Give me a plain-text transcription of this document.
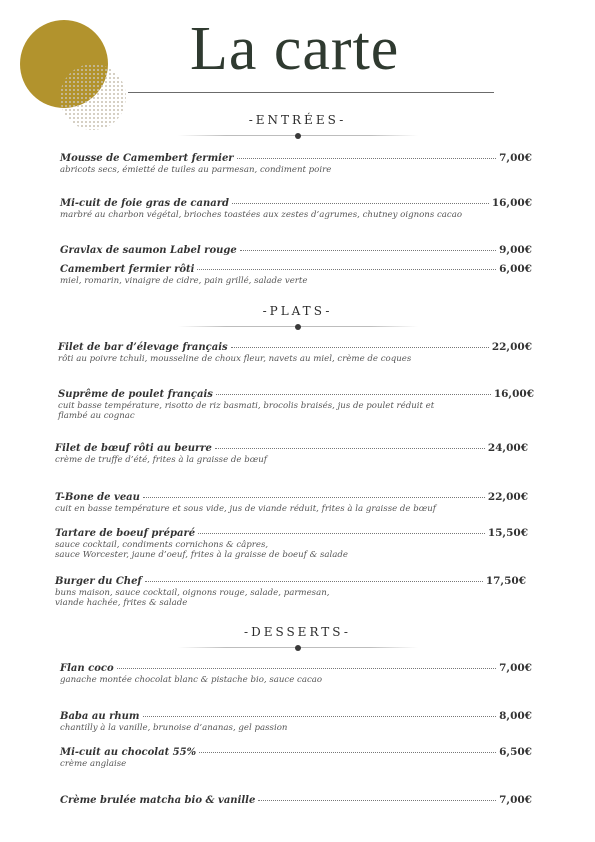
La carte
-ENTRÉES-
Mousse de Camembert fermier	7,00€
abricots secs, émietté de tuiles au parmesan, condiment poire
Mi-cuit de foie gras de canard	16,00€
marbré au charbon végétal, brioches toastées aux zestes d’agrumes, chutney oignons cacao
Gravlax de saumon Label rouge	9,00€
Camembert fermier rôti	6,00€
miel, romarin, vinaigre de cidre, pain grillé, salade verte
-PLATS-
Filet de bar d’élevage français	22,00€
rôti au poivre tchuli, mousseline de choux fleur, navets au miel, crème de coques
Suprême de poulet français	16,00€
cuit basse température, risotto de riz basmati, brocolis braisés, jus de poulet réduit et
flambé au cognac
Filet de bœuf rôti au beurre	24,00€
crème de truffe d’été, frites à la graisse de bœuf
T-Bone de veau	22,00€
cuit en basse température et sous vide, jus de viande réduit, frites à la graisse de bœuf
Tartare de boeuf préparé	15,50€
sauce cocktail, condiments cornichons & câpres,
sauce Worcester, jaune d’oeuf, frites à la graisse de boeuf & salade
Burger du Chef	17,50€
buns maison, sauce cocktail, oignons rouge, salade, parmesan,
viande hachée, frites & salade
-DESSERTS-
Flan coco	7,00€
ganache montée chocolat blanc & pistache bio, sauce cacao
Baba au rhum	8,00€
chantilly à la vanille, brunoise d’ananas, gel passion
Mi-cuit au chocolat 55%	6,50€
crème anglaise
Crème brulée matcha bio & vanille	7,00€
